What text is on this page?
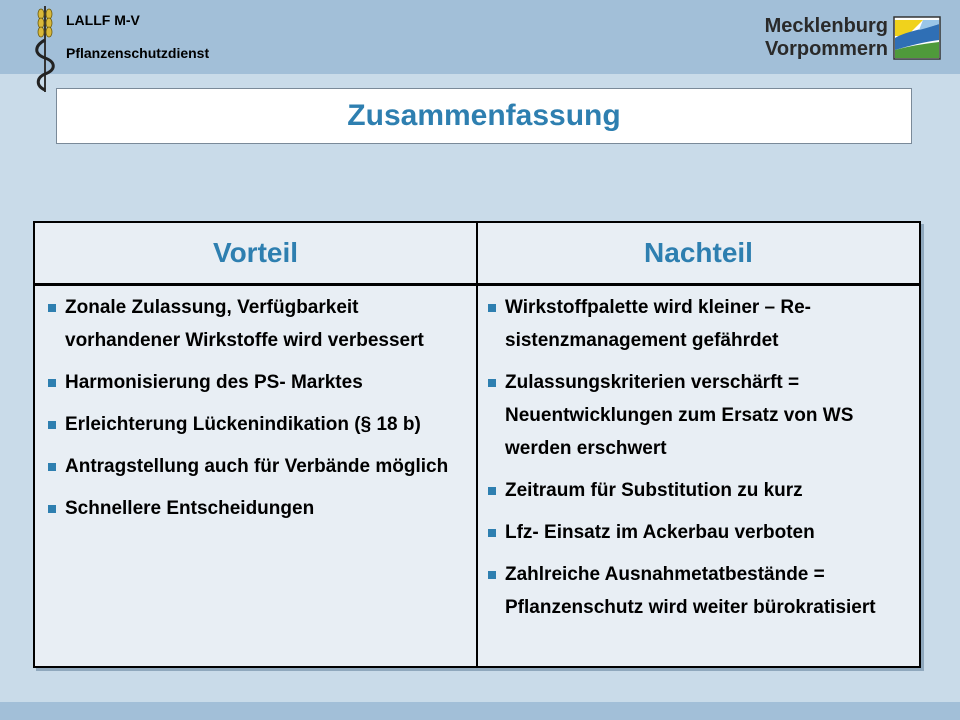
LALLF M-V
Pflanzenschutzdienst
Mecklenburg
Vorpommern
Zusammenfassung
Vorteil	Nachteil
Zonale Zulassung, Verfügbarkeit vorhandener Wirkstoffe wird verbessert
Harmonisierung des PS- Marktes
Erleichterung Lückenindikation (§ 18 b)
Antragstellung auch für Verbände möglich
Schnellere Entscheidungen
Wirkstoffpalette wird kleiner – Re-sistenzmanagement gefährdet
Zulassungskriterien verschärft = Neuentwicklungen zum Ersatz von WS werden erschwert
Zeitraum für Substitution zu kurz
Lfz- Einsatz im Ackerbau verboten
Zahlreiche Ausnahmetatbestände = Pflanzenschutz wird weiter bürokratisiert
